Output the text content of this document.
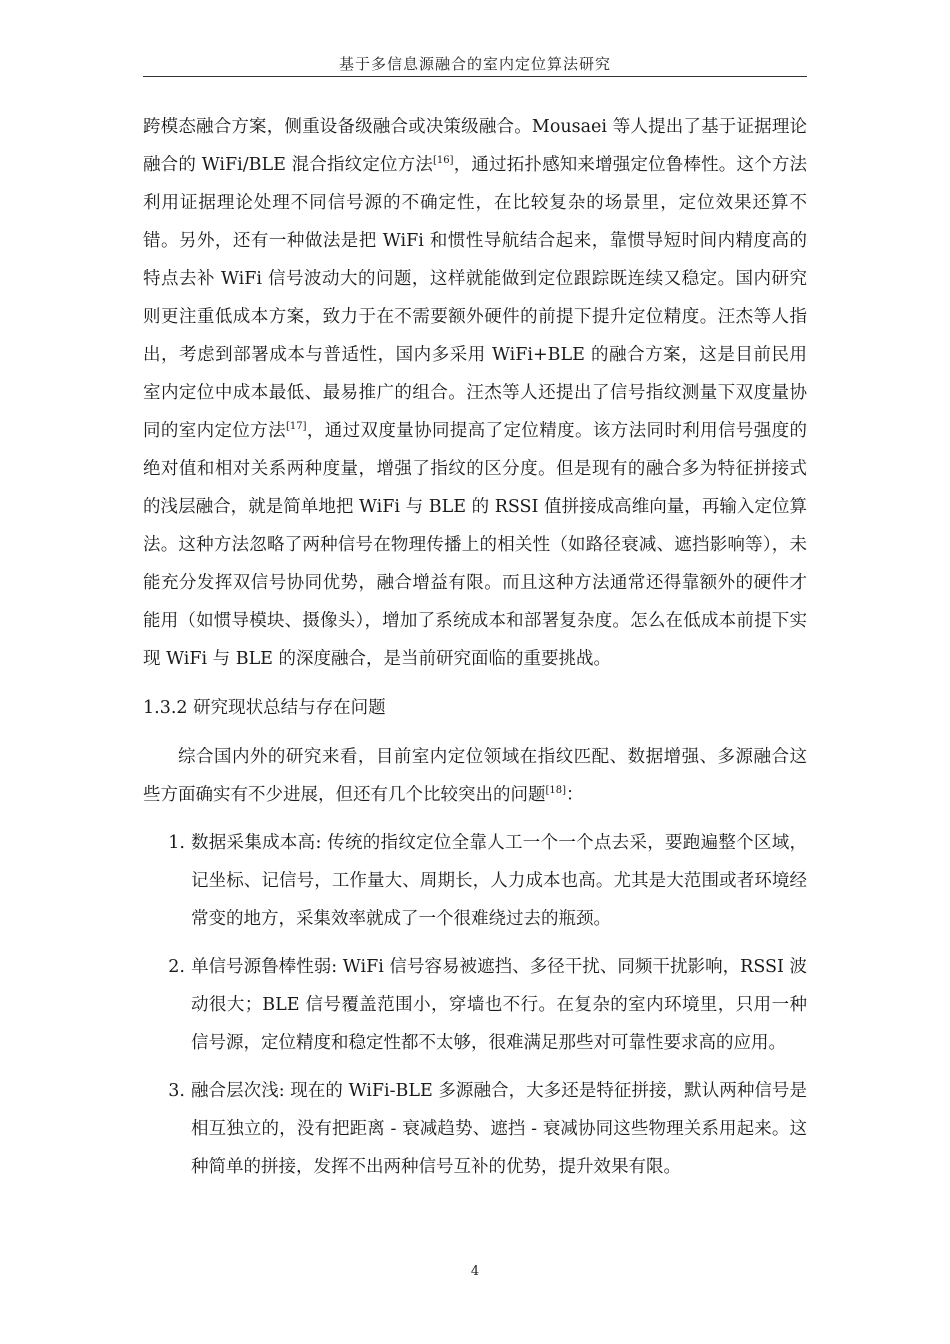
基于多信息源融合的室内定位算法研究

跨模态融合方案，侧重设备级融合或决策级融合。Mousaei 等人提出了基于证据理论融合的 WiFi/BLE 混合指纹定位方法[16]，通过拓扑感知来增强定位鲁棒性。这个方法利用证据理论处理不同信号源的不确定性，在比较复杂的场景里，定位效果还算不错。另外，还有一种做法是把 WiFi 和惯性导航结合起来，靠惯导短时间内精度高的特点去补 WiFi 信号波动大的问题，这样就能做到定位跟踪既连续又稳定。国内研究则更注重低成本方案，致力于在不需要额外硬件的前提下提升定位精度。汪杰等人指出，考虑到部署成本与普适性，国内多采用 WiFi+BLE 的融合方案，这是目前民用室内定位中成本最低、最易推广的组合。汪杰等人还提出了信号指纹测量下双度量协同的室内定位方法[17]，通过双度量协同提高了定位精度。该方法同时利用信号强度的绝对值和相对关系两种度量，增强了指纹的区分度。但是现有的融合多为特征拼接式的浅层融合，就是简单地把 WiFi 与 BLE 的 RSSI 值拼接成高维向量，再输入定位算法。这种方法忽略了两种信号在物理传播上的相关性（如路径衰减、遮挡影响等），未能充分发挥双信号协同优势，融合增益有限。而且这种方法通常还得靠额外的硬件才能用（如惯导模块、摄像头），增加了系统成本和部署复杂度。怎么在低成本前提下实现 WiFi 与 BLE 的深度融合，是当前研究面临的重要挑战。

1.3.2 研究现状总结与存在问题

综合国内外的研究来看，目前室内定位领域在指纹匹配、数据增强、多源融合这些方面确实有不少进展，但还有几个比较突出的问题[18]：

1. 数据采集成本高: 传统的指纹定位全靠人工一个一个点去采，要跑遍整个区域，记坐标、记信号，工作量大、周期长，人力成本也高。尤其是大范围或者环境经常变的地方，采集效率就成了一个很难绕过去的瓶颈。
2. 单信号源鲁棒性弱: WiFi 信号容易被遮挡、多径干扰、同频干扰影响，RSSI 波动很大；BLE 信号覆盖范围小，穿墙也不行。在复杂的室内环境里，只用一种信号源，定位精度和稳定性都不太够，很难满足那些对可靠性要求高的应用。
3. 融合层次浅: 现在的 WiFi-BLE 多源融合，大多还是特征拼接，默认两种信号是相互独立的，没有把距离 - 衰减趋势、遮挡 - 衰减协同这些物理关系用起来。这种简单的拼接，发挥不出两种信号互补的优势，提升效果有限。
4
